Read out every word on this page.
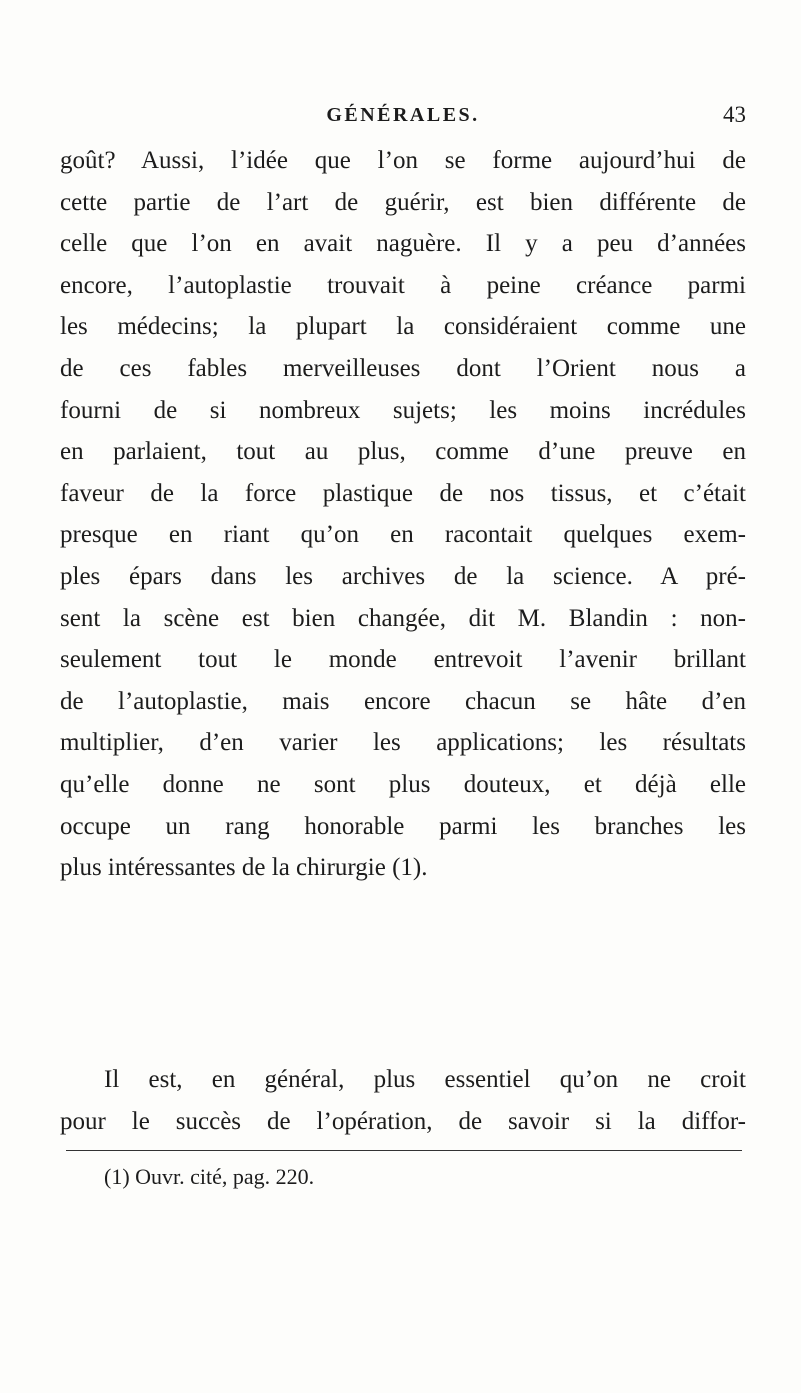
GÉNÉRALES.	43
goût? Aussi, l’idée que l’on se forme aujourd’hui de
cette partie de l’art de guérir, est bien différente de
celle que l’on en avait naguère. Il y a peu d’années
encore, l’autoplastie trouvait à peine créance parmi
les médecins; la plupart la considéraient comme une
de ces fables merveilleuses dont l’Orient nous a
fourni de si nombreux sujets; les moins incrédules
en parlaient, tout au plus, comme d’une preuve en
faveur de la force plastique de nos tissus, et c’était
presque en riant qu’on en racontait quelques exem-
ples épars dans les archives de la science. A pré-
sent la scène est bien changée, dit M. Blandin : non-
seulement tout le monde entrevoit l’avenir brillant
de l’autoplastie, mais encore chacun se hâte d’en
multiplier, d’en varier les applications; les résultats
qu’elle donne ne sont plus douteux, et déjà elle
occupe un rang honorable parmi les branches les
plus intéressantes de la chirurgie (1).
Il est, en général, plus essentiel qu’on ne croit
pour le succès de l’opération, de savoir si la diffor-
(1) Ouvr. cité, pag. 220.
